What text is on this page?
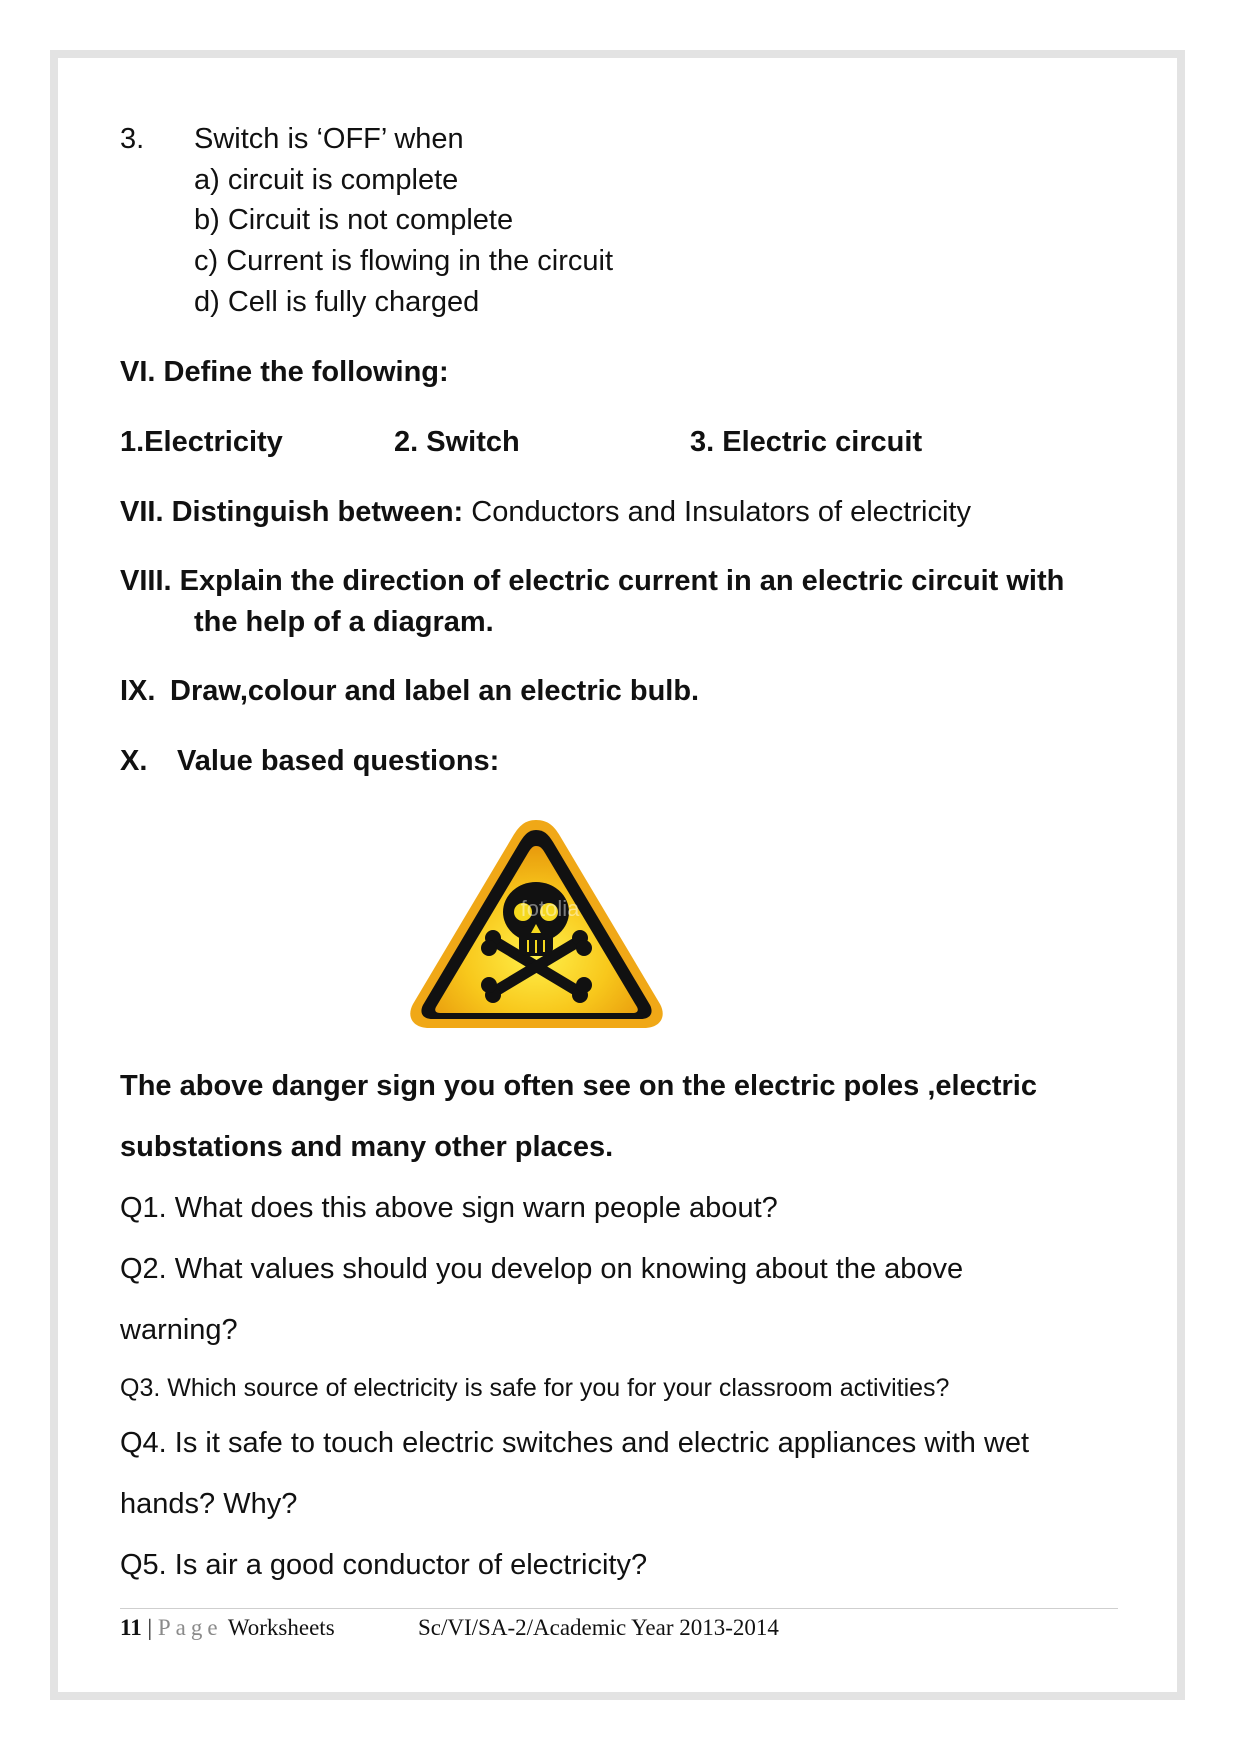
3. Switch is ‘OFF’ when
a) circuit is complete
b) Circuit is not complete
c) Current is flowing in the circuit
d) Cell is fully charged
VI. Define the following:
1.Electricity	2. Switch	3. Electric circuit
VII. Distinguish between: Conductors and Insulators of electricity
VIII. Explain the direction of electric current in an electric circuit with
the help of a diagram.
IX. Draw,colour and label an electric bulb.
X. Value based questions:
fotolia
The above danger sign you often see on the electric poles ,electric
substations and many other places.
Q1. What does this above sign warn people about?
Q2. What values should you develop on knowing about the above
warning?
Q3. Which source of electricity is safe for you for your classroom activities?
Q4. Is it safe to touch electric switches and electric appliances with wet
hands? Why?
Q5. Is air a good conductor of electricity?
11 | Page Worksheets	Sc/VI/SA-2/Academic Year 2013-2014
